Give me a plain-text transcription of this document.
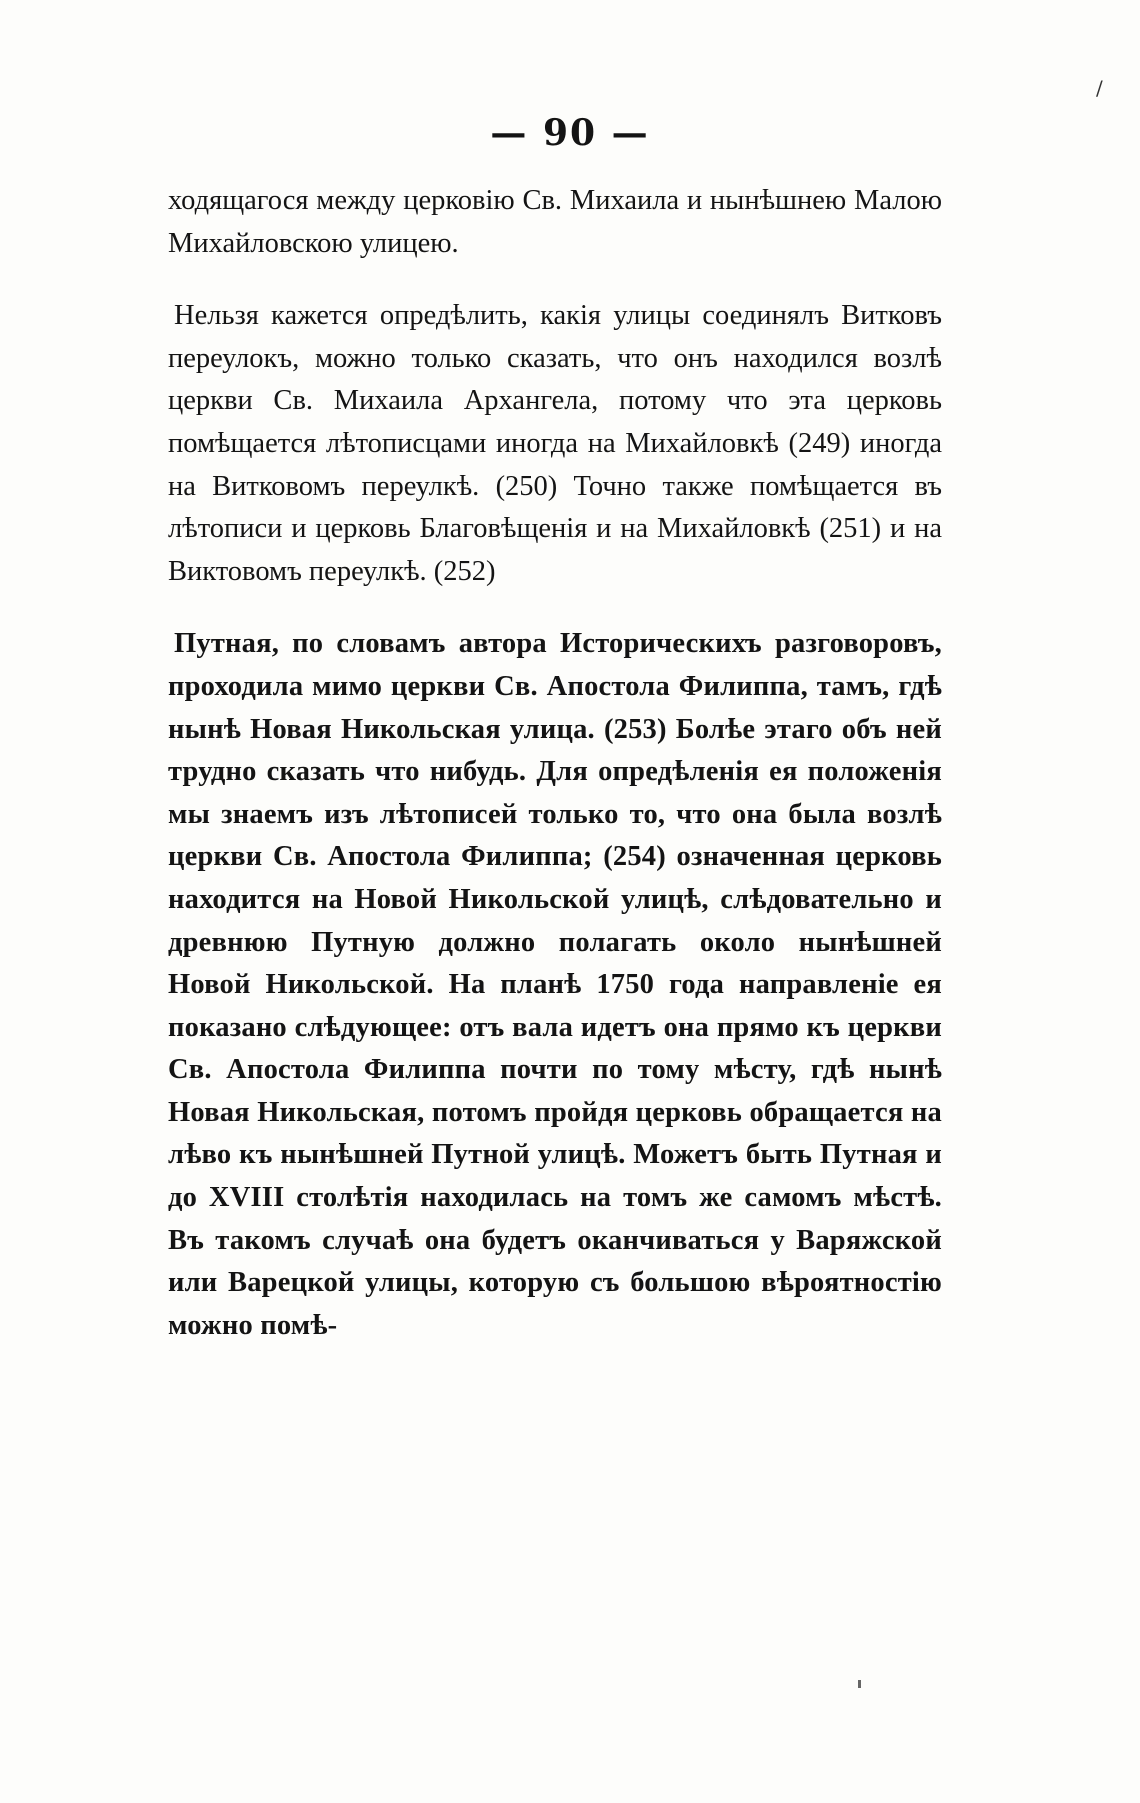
/
— 90 —

ходящагося между церковію Св. Михаила и нынѣшнею Малою Михайловскою улицею.

Нельзя кажется опредѣлить, какія улицы соединялъ Витковъ переулокъ, можно только сказать, что онъ находился возлѣ церкви Св. Михаила Архангела, потому что эта церковь помѣщается лѣтописцами иногда на Михайловкѣ (249) иногда на Витковомъ переулкѣ. (250) Точно также помѣщается въ лѣтописи и церковь Благовѣщенія и на Михайловкѣ (251) и на Виктовомъ переулкѣ. (252)

Путная, по словамъ автора Историческихъ разговоровъ, проходила мимо церкви Св. Апостола Филиппа, тамъ, гдѣ нынѣ Новая Никольская улица. (253) Болѣе этаго объ ней трудно сказать что нибудь. Для опредѣленія ея положенія мы знаемъ изъ лѣтописей только то, что она была возлѣ церкви Св. Апостола Филиппа; (254) означенная церковь находится на Новой Никольской улицѣ, слѣдовательно и древнюю Путную должно полагать около нынѣшней Новой Никольской. На планѣ 1750 года направленіе ея показано слѣдующее: отъ вала идетъ она прямо къ церкви Св. Апостола Филиппа почти по тому мѣсту, гдѣ нынѣ Новая Никольская, потомъ пройдя церковь обращается на лѣво къ нынѣшней Путной улицѣ. Можетъ быть Путная и до XVIII столѣтія находилась на томъ же самомъ мѣстѣ. Въ такомъ случаѣ она будетъ оканчиваться у Варяжской или Варецкой улицы, которую съ большою вѣроятностію можно помѣ-
